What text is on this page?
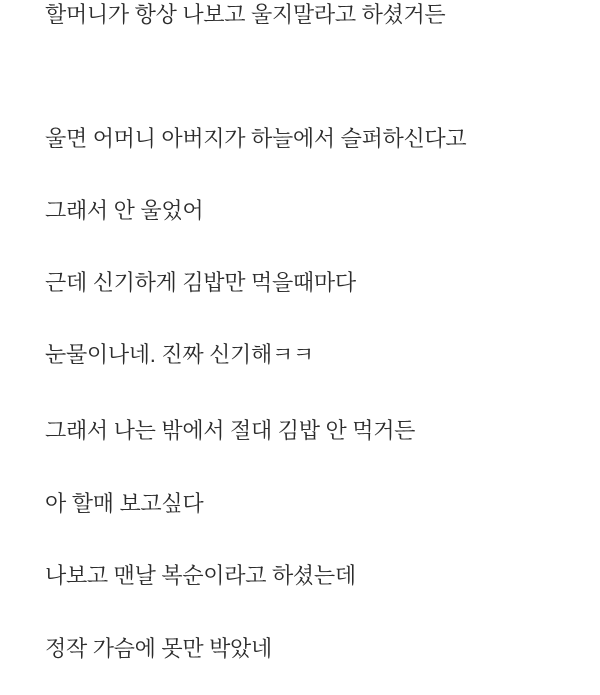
할머니가 항상 나보고 울지말라고 하셨거든

울면 어머니 아버지가 하늘에서 슬퍼하신다고

그래서 안 울었어

근데 신기하게 김밥만 먹을때마다

눈물이나네. 진짜 신기해ㅋㅋ

그래서 나는 밖에서 절대 김밥 안 먹거든

아 할매 보고싶다

나보고 맨날 복순이라고 하셨는데

정작 가슴에 못만 박았네
